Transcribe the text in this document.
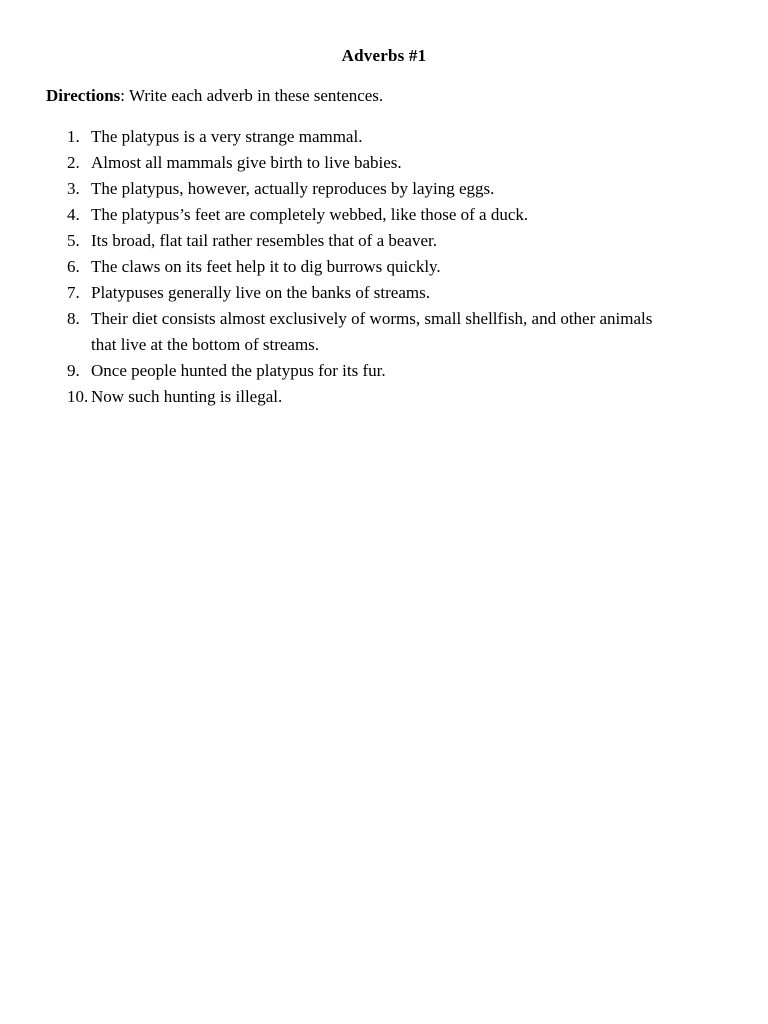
Adverbs #1
Directions: Write each adverb in these sentences.
1. The platypus is a very strange mammal.
2. Almost all mammals give birth to live babies.
3. The platypus, however, actually reproduces by laying eggs.
4. The platypus’s feet are completely webbed, like those of a duck.
5. Its broad, flat tail rather resembles that of a beaver.
6. The claws on its feet help it to dig burrows quickly.
7. Platypuses generally live on the banks of streams.
8. Their diet consists almost exclusively of worms, small shellfish, and other animals that live at the bottom of streams.
9. Once people hunted the platypus for its fur.
10. Now such hunting is illegal.
